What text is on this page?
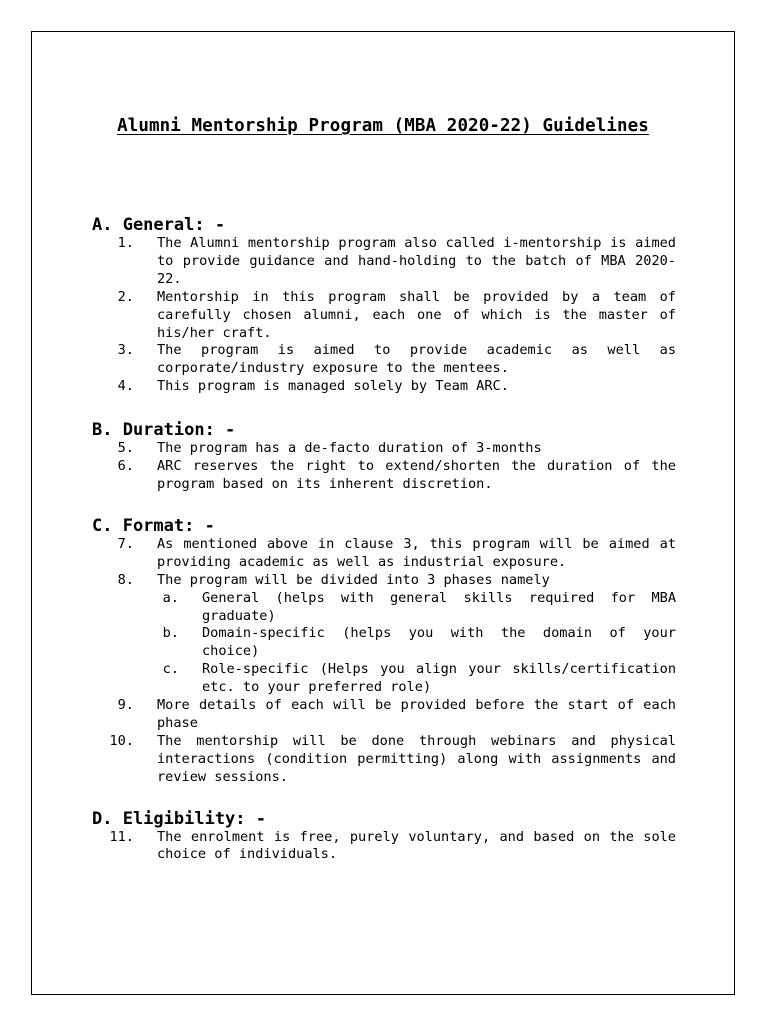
Alumni Mentorship Program (MBA 2020-22) Guidelines
A. General: -
1. The Alumni mentorship program also called i-mentorship is aimed to provide guidance and hand-holding to the batch of MBA 2020-22.
2. Mentorship in this program shall be provided by a team of carefully chosen alumni, each one of which is the master of his/her craft.
3. The program is aimed to provide academic as well as corporate/industry exposure to the mentees.
4. This program is managed solely by Team ARC.
B. Duration: -
5. The program has a de-facto duration of 3-months
6. ARC reserves the right to extend/shorten the duration of the program based on its inherent discretion.
C. Format: -
7. As mentioned above in clause 3, this program will be aimed at providing academic as well as industrial exposure.
8. The program will be divided into 3 phases namely
a. General (helps with general skills required for MBA graduate)
b. Domain-specific (helps you with the domain of your choice)
c. Role-specific (Helps you align your skills/certification etc. to your preferred role)
9. More details of each will be provided before the start of each phase
10. The mentorship will be done through webinars and physical interactions (condition permitting) along with assignments and review sessions.
D. Eligibility: -
11. The enrolment is free, purely voluntary, and based on the sole choice of individuals.
